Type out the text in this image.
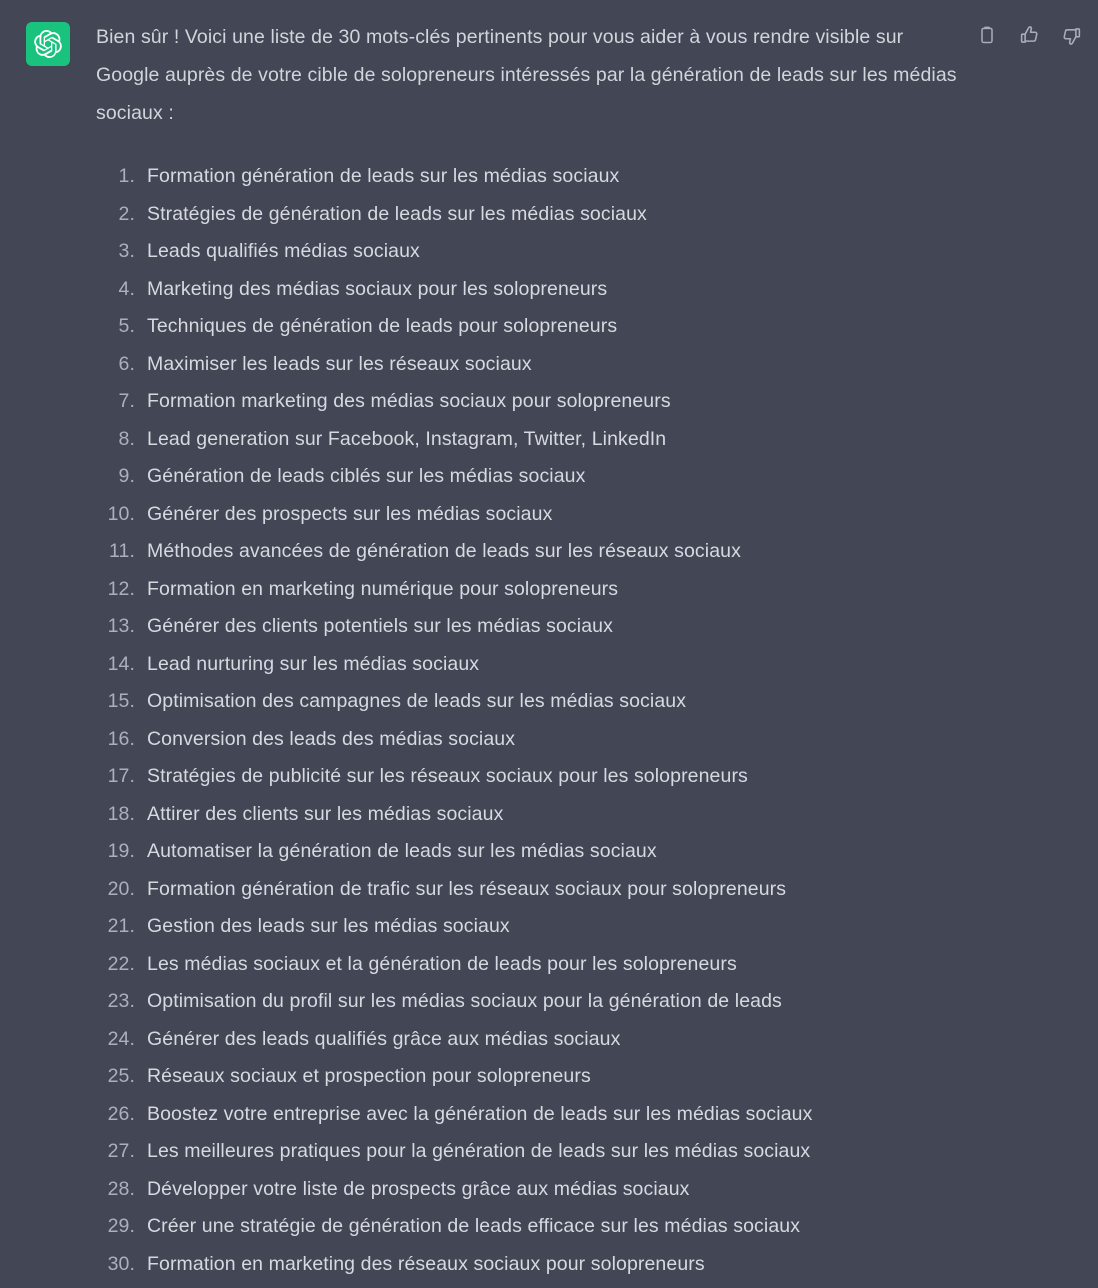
Bien sûr ! Voici une liste de 30 mots-clés pertinents pour vous aider à vous rendre visible sur Google auprès de votre cible de solopreneurs intéressés par la génération de leads sur les médias sociaux :

1. Formation génération de leads sur les médias sociaux
2. Stratégies de génération de leads sur les médias sociaux
3. Leads qualifiés médias sociaux
4. Marketing des médias sociaux pour les solopreneurs
5. Techniques de génération de leads pour solopreneurs
6. Maximiser les leads sur les réseaux sociaux
7. Formation marketing des médias sociaux pour solopreneurs
8. Lead generation sur Facebook, Instagram, Twitter, LinkedIn
9. Génération de leads ciblés sur les médias sociaux
10. Générer des prospects sur les médias sociaux
11. Méthodes avancées de génération de leads sur les réseaux sociaux
12. Formation en marketing numérique pour solopreneurs
13. Générer des clients potentiels sur les médias sociaux
14. Lead nurturing sur les médias sociaux
15. Optimisation des campagnes de leads sur les médias sociaux
16. Conversion des leads des médias sociaux
17. Stratégies de publicité sur les réseaux sociaux pour les solopreneurs
18. Attirer des clients sur les médias sociaux
19. Automatiser la génération de leads sur les médias sociaux
20. Formation génération de trafic sur les réseaux sociaux pour solopreneurs
21. Gestion des leads sur les médias sociaux
22. Les médias sociaux et la génération de leads pour les solopreneurs
23. Optimisation du profil sur les médias sociaux pour la génération de leads
24. Générer des leads qualifiés grâce aux médias sociaux
25. Réseaux sociaux et prospection pour solopreneurs
26. Boostez votre entreprise avec la génération de leads sur les médias sociaux
27. Les meilleures pratiques pour la génération de leads sur les médias sociaux
28. Développer votre liste de prospects grâce aux médias sociaux
29. Créer une stratégie de génération de leads efficace sur les médias sociaux
30. Formation en marketing des réseaux sociaux pour solopreneurs
